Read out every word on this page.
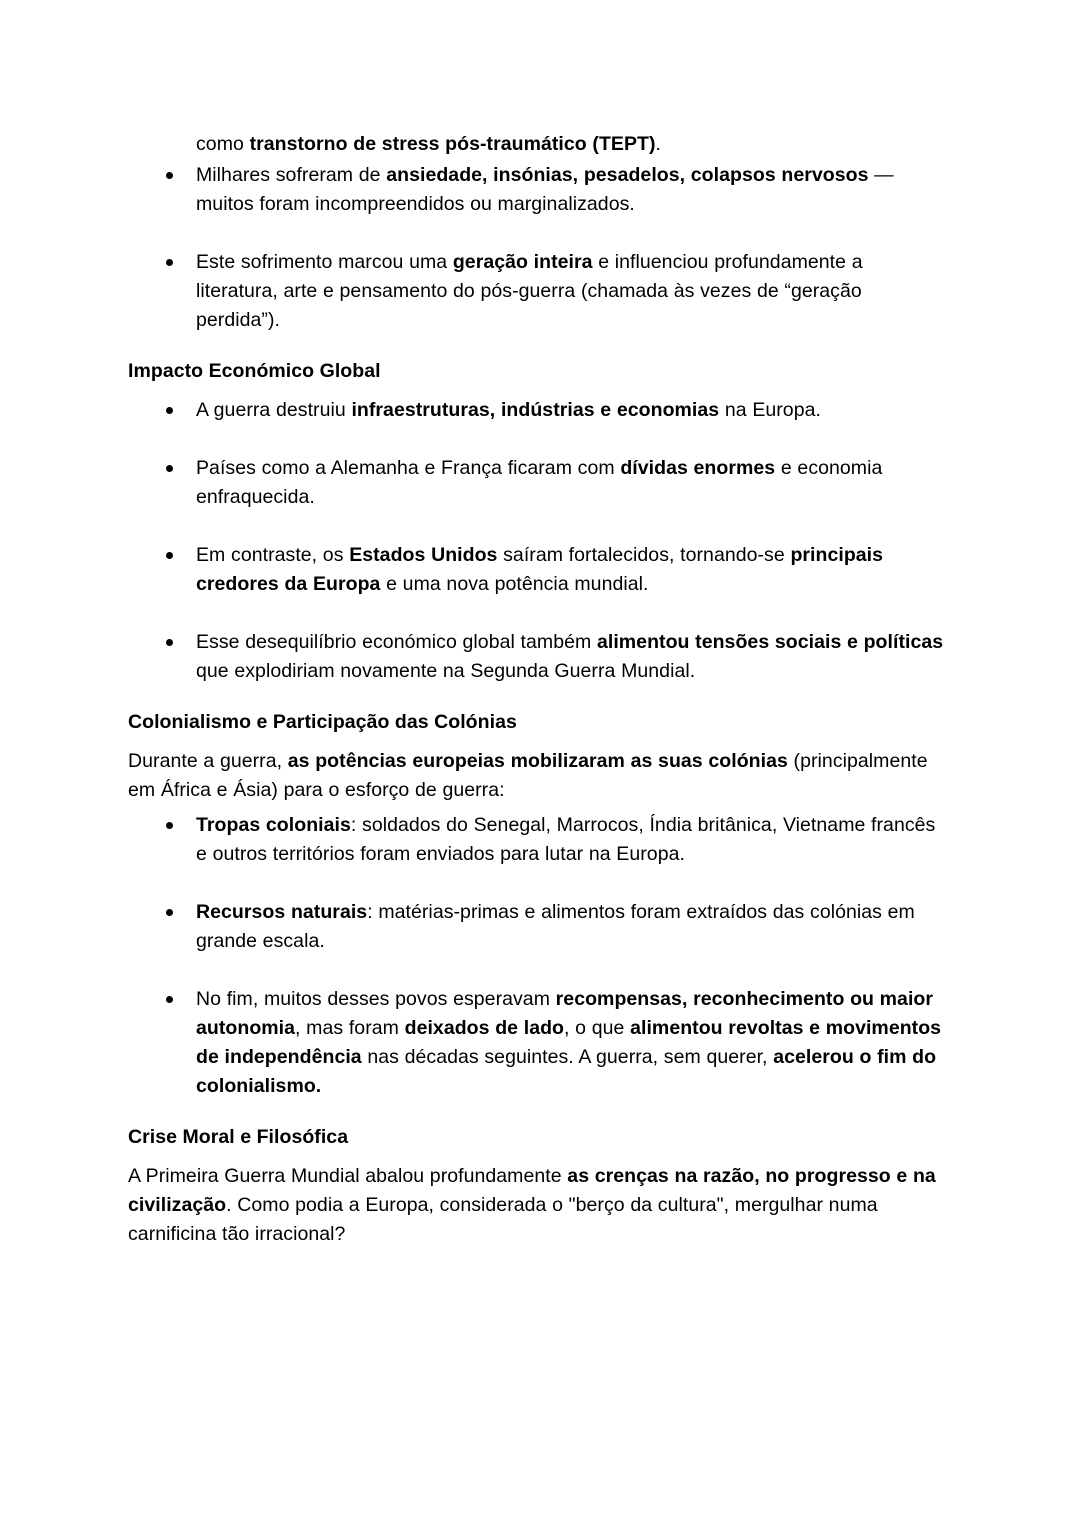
como transtorno de stress pós-traumático (TEPT).

Milhares sofreram de ansiedade, insónias, pesadelos, colapsos nervosos — muitos foram incompreendidos ou marginalizados.
Este sofrimento marcou uma geração inteira e influenciou profundamente a literatura, arte e pensamento do pós-guerra (chamada às vezes de “geração perdida”).
Impacto Económico Global
A guerra destruiu infraestruturas, indústrias e economias na Europa.
Países como a Alemanha e França ficaram com dívidas enormes e economia enfraquecida.
Em contraste, os Estados Unidos saíram fortalecidos, tornando-se principais credores da Europa e uma nova potência mundial.
Esse desequilíbrio económico global também alimentou tensões sociais e políticas que explodiriam novamente na Segunda Guerra Mundial.
Colonialismo e Participação das Colónias

Durante a guerra, as potências europeias mobilizaram as suas colónias (principalmente em África e Ásia) para o esforço de guerra:

Tropas coloniais: soldados do Senegal, Marrocos, Índia britânica, Vietname francês e outros territórios foram enviados para lutar na Europa.
Recursos naturais: matérias-primas e alimentos foram extraídos das colónias em grande escala.
No fim, muitos desses povos esperavam recompensas, reconhecimento ou maior autonomia, mas foram deixados de lado, o que alimentou revoltas e movimentos de independência nas décadas seguintes. A guerra, sem querer, acelerou o fim do colonialismo.
Crise Moral e Filosófica

A Primeira Guerra Mundial abalou profundamente as crenças na razão, no progresso e na civilização. Como podia a Europa, considerada o "berço da cultura", mergulhar numa carnificina tão irracional?
